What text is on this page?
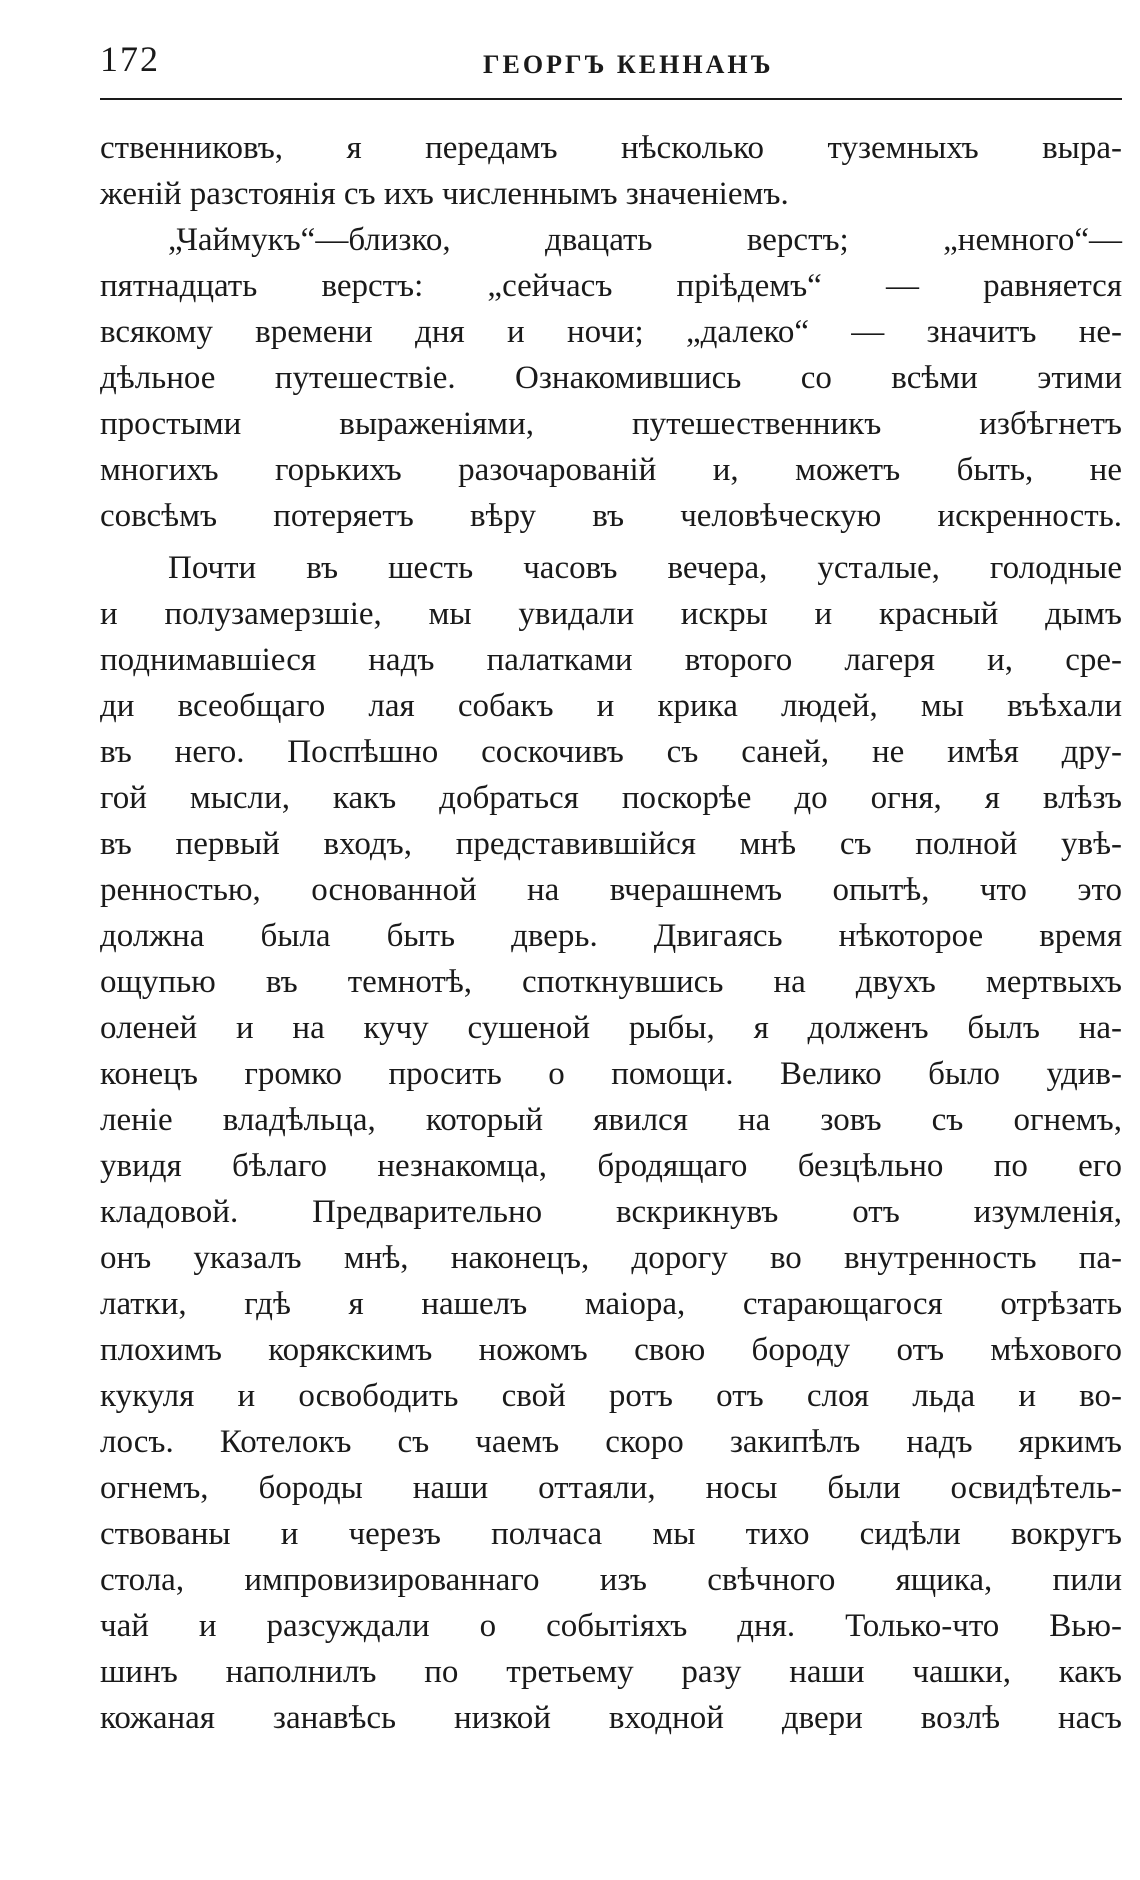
172	ГЕОРГЪ КЕННАНЪ
ственниковъ, я передамъ нѣсколько туземныхъ выра-
женій разстоянія съ ихъ численнымъ значеніемъ.
„Чаймукъ“—близко, двацать верстъ; „немного“—
пятнадцать верстъ: „сейчасъ пріѣдемъ“ — равняется
всякому времени дня и ночи; „далеко“ — значитъ не-
дѣльное путешествіе. Ознакомившись со всѣми этими
простыми выраженіями, путешественникъ избѣгнетъ
многихъ горькихъ разочарованій и, можетъ быть, не
совсѣмъ потеряетъ вѣру въ человѣческую искренность.
Почти въ шесть часовъ вечера, усталые, голодные
и полузамерзшіе, мы увидали искры и красный дымъ
поднимавшіеся надъ палатками второго лагеря и, сре-
ди всеобщаго лая собакъ и крика людей, мы въѣхали
въ него. Поспѣшно соскочивъ съ саней, не имѣя дру-
гой мысли, какъ добраться поскорѣе до огня, я влѣзъ
въ первый входъ, представившійся мнѣ съ полной увѣ-
ренностью, основанной на вчерашнемъ опытѣ, что это
должна была быть дверь. Двигаясь нѣкоторое время
ощупью въ темнотѣ, споткнувшись на двухъ мертвыхъ
оленей и на кучу сушеной рыбы, я долженъ былъ на-
конецъ громко просить о помощи. Велико было удив-
леніе владѣльца, который явился на зовъ съ огнемъ,
увидя бѣлаго незнакомца, бродящаго безцѣльно по его
кладовой. Предварительно вскрикнувъ отъ изумленія,
онъ указалъ мнѣ, наконецъ, дорогу во внутренность па-
латки, гдѣ я нашелъ маіора, старающагося отрѣзать
плохимъ корякскимъ ножомъ свою бороду отъ мѣхового
кукуля и освободить свой ротъ отъ слоя льда и во-
лосъ. Котелокъ съ чаемъ скоро закипѣлъ надъ яркимъ
огнемъ, бороды наши оттаяли, носы были освидѣтель-
ствованы и черезъ полчаса мы тихо сидѣли вокругъ
стола, импровизированнаго изъ свѣчного ящика, пили
чай и разсуждали о событіяхъ дня. Только-что Вью-
шинъ наполнилъ по третьему разу наши чашки, какъ
кожаная занавѣсь низкой входной двери возлѣ насъ
